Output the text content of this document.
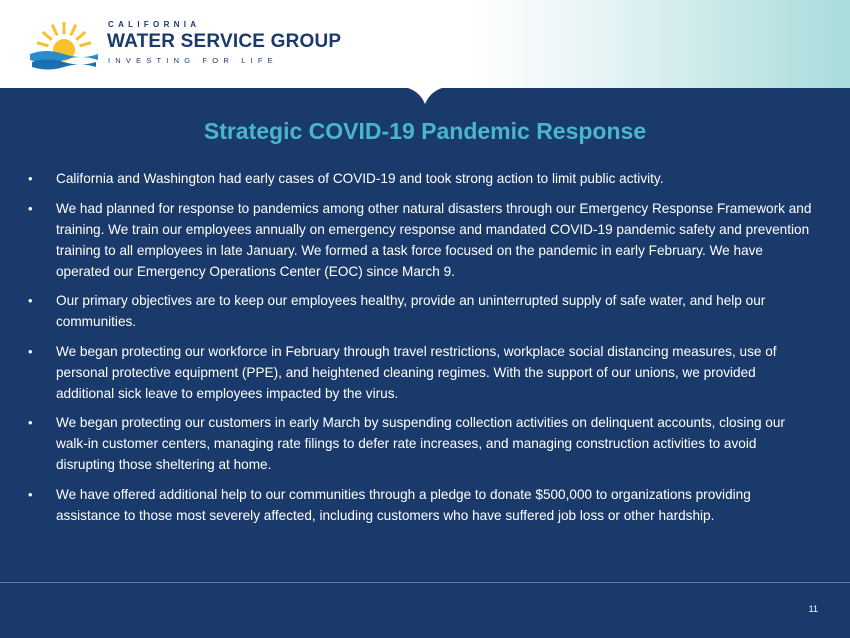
CALIFORNIA
WATER SERVICE GROUP
INVESTING FOR LIFE
Strategic COVID-19 Pandemic Response
• California and Washington had early cases of COVID-19 and took strong action to limit public activity.
• We had planned for response to pandemics among other natural disasters through our Emergency Response Framework and training. We train our employees annually on emergency response and mandated COVID-19 pandemic safety and prevention training to all employees in late January. We formed a task force focused on the pandemic in early February. We have operated our Emergency Operations Center (EOC) since March 9.
• Our primary objectives are to keep our employees healthy, provide an uninterrupted supply of safe water, and help our communities.
• We began protecting our workforce in February through travel restrictions, workplace social distancing measures, use of personal protective equipment (PPE), and heightened cleaning regimes. With the support of our unions, we provided additional sick leave to employees impacted by the virus.
• We began protecting our customers in early March by suspending collection activities on delinquent accounts, closing our walk-in customer centers, managing rate filings to defer rate increases, and managing construction activities to avoid disrupting those sheltering at home.
• We have offered additional help to our communities through a pledge to donate $500,000 to organizations providing assistance to those most severely affected, including customers who have suffered job loss or other hardship.
11
